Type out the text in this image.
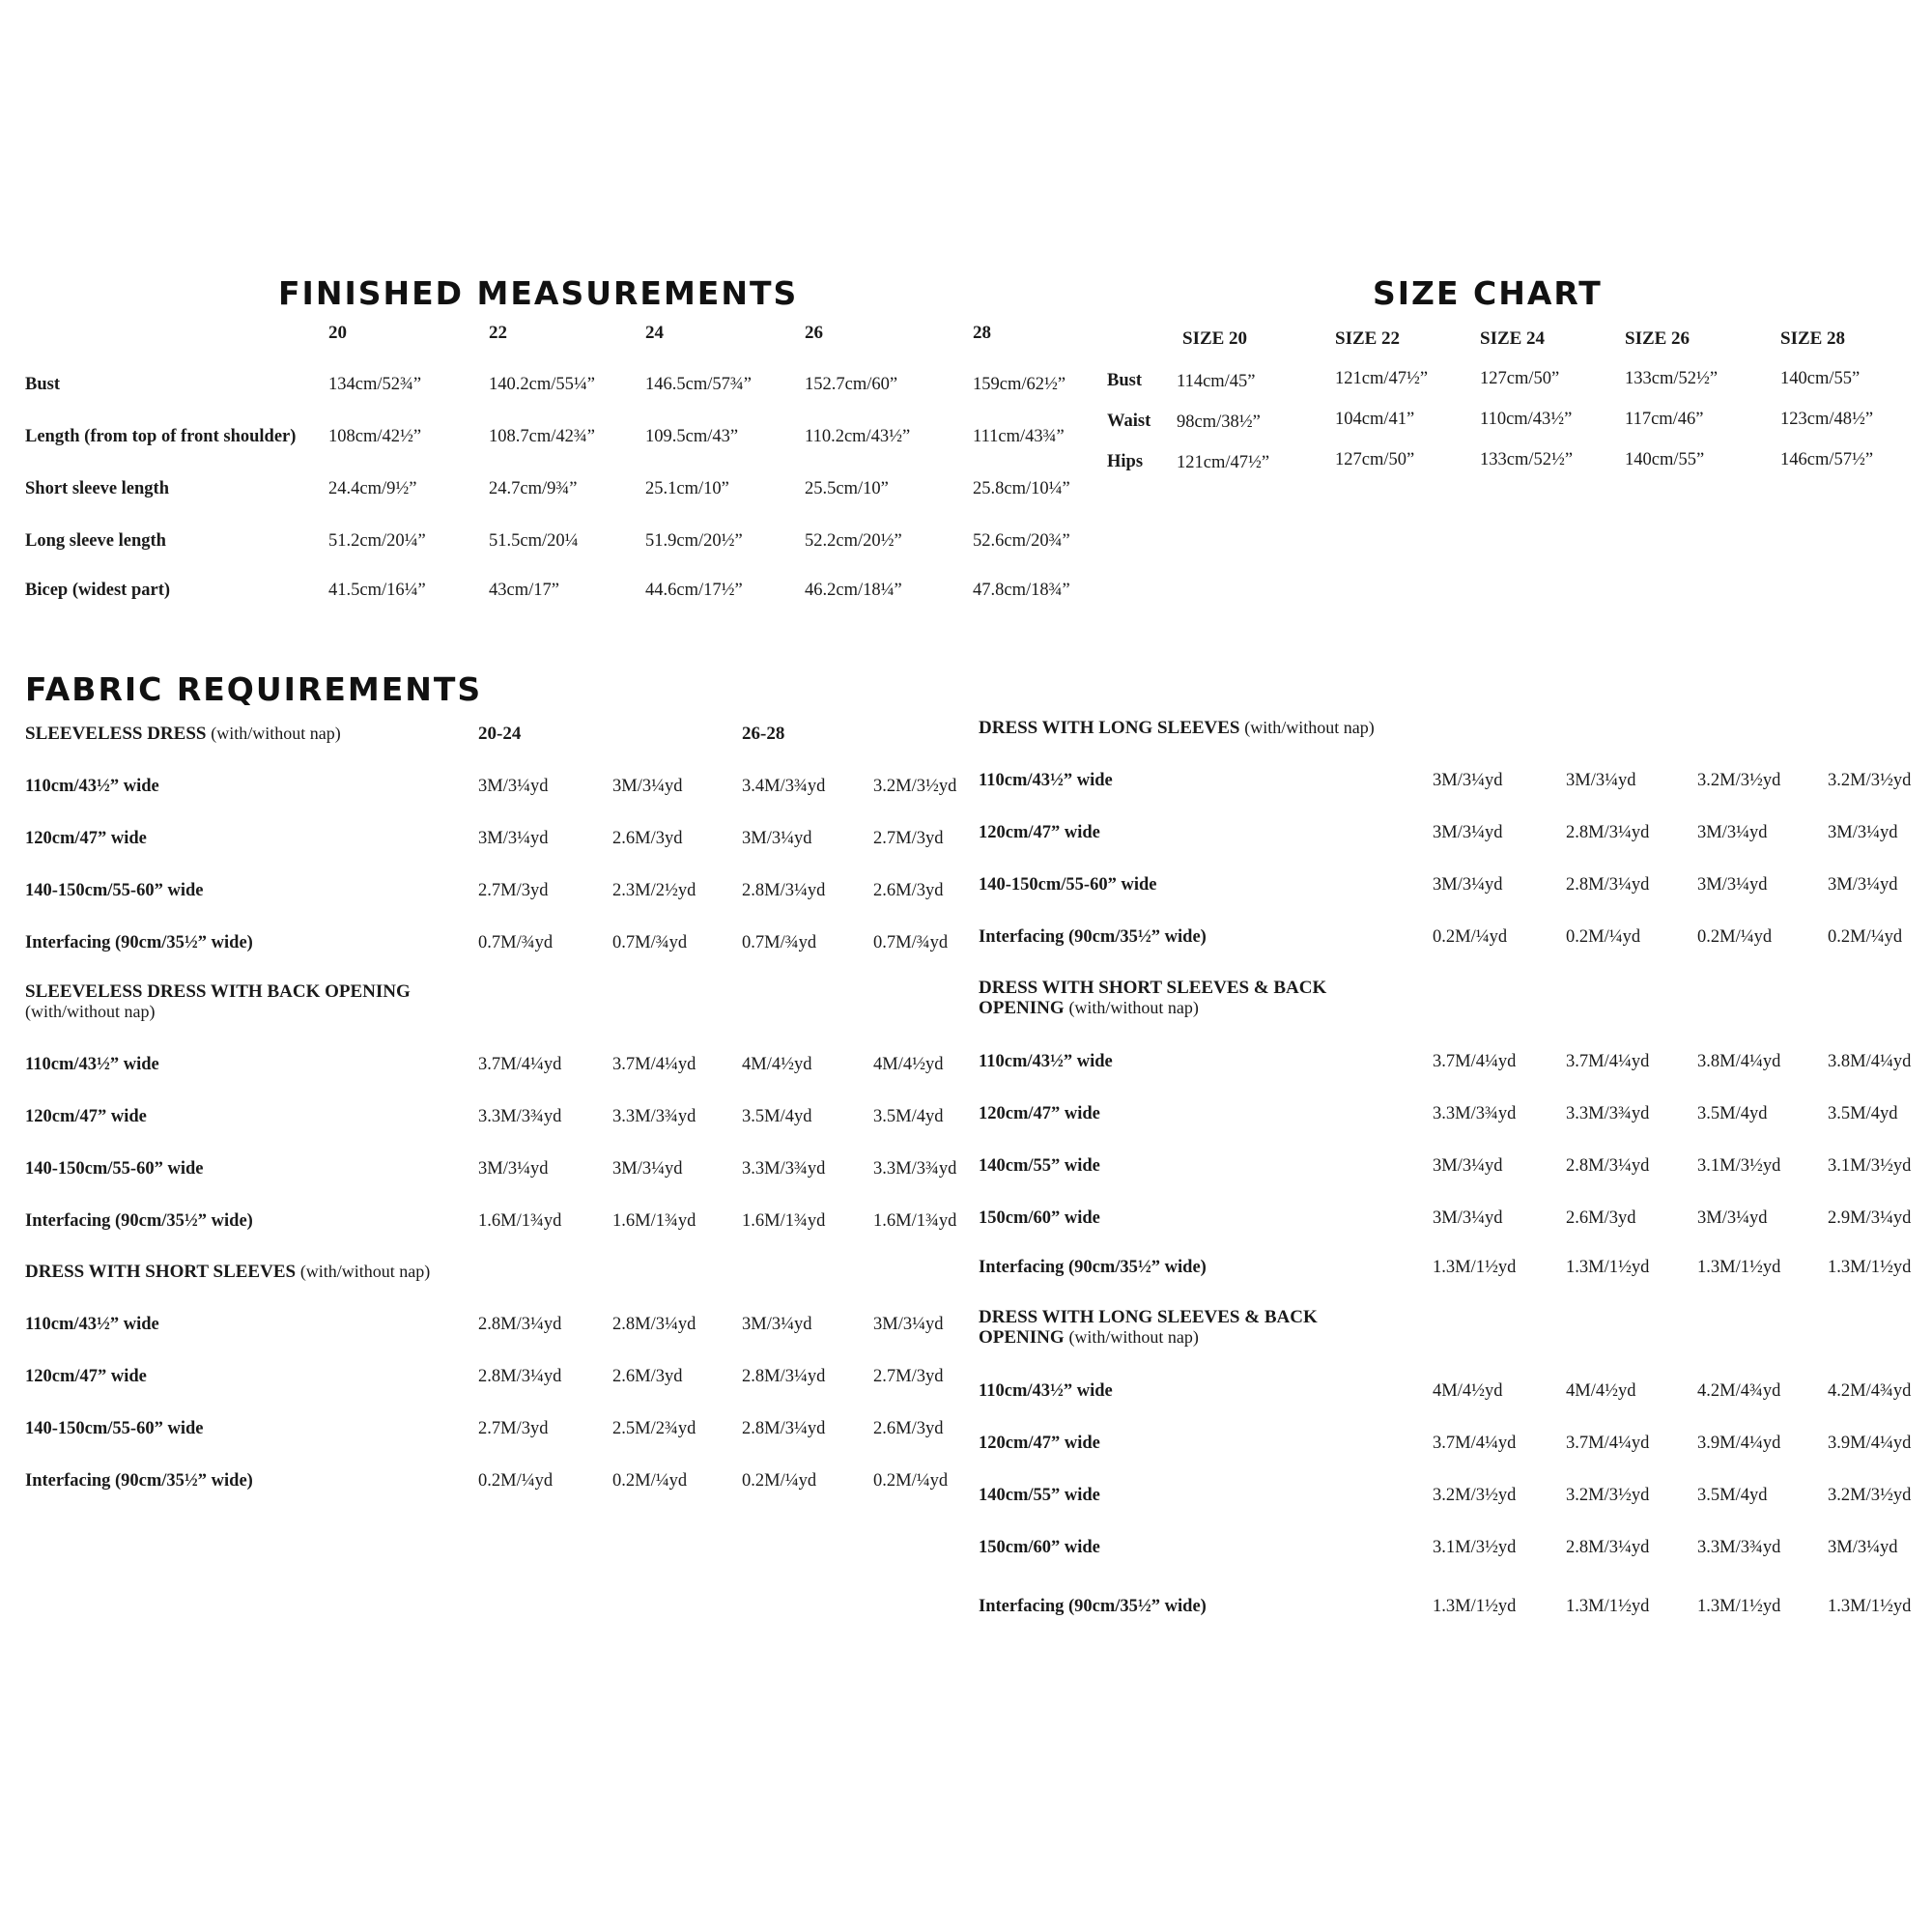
FINISHED MEASUREMENTS
20	22	24	26	28
Bust	134cm/52¾”	140.2cm/55¼”	146.5cm/57¾”	152.7cm/60”	159cm/62½”
Length (from top of front shoulder) 108cm/42½”	108.7cm/42¾”	109.5cm/43”	110.2cm/43½”	111cm/43¾”
Short sleeve length	24.4cm/9½”	24.7cm/9¾”	25.1cm/10”	25.5cm/10”	25.8cm/10¼”
Long sleeve length	51.2cm/20¼”	51.5cm/20¼	51.9cm/20½”	52.2cm/20½”	52.6cm/20¾”
Bicep (widest part)	41.5cm/16¼”	43cm/17”	44.6cm/17½”	46.2cm/18¼”	47.8cm/18¾”
SIZE CHART
SIZE 20	SIZE 22	SIZE 24	SIZE 26	SIZE 28
Bust 114cm/45”	121cm/47½”	127cm/50”	133cm/52½”	140cm/55”
Waist 98cm/38½”	104cm/41”	110cm/43½”	117cm/46”	123cm/48½”
Hips 121cm/47½”	127cm/50”	133cm/52½”	140cm/55”	146cm/57½”
FABRIC REQUIREMENTS
SLEEVELESS DRESS (with/without nap)	20-24	26-28
110cm/43½” wide	3M/3¼yd	3M/3¼yd	3.4M/3¾yd	3.2M/3½yd
120cm/47” wide	3M/3¼yd	2.6M/3yd	3M/3¼yd	2.7M/3yd
140-150cm/55-60” wide	2.7M/3yd	2.3M/2½yd	2.8M/3¼yd	2.6M/3yd
Interfacing (90cm/35½” wide)	0.7M/¾yd	0.7M/¾yd	0.7M/¾yd	0.7M/¾yd
SLEEVELESS DRESS WITH BACK OPENING
(with/without nap)
110cm/43½” wide	3.7M/4¼yd	3.7M/4¼yd	4M/4½yd	4M/4½yd
120cm/47” wide	3.3M/3¾yd	3.3M/3¾yd	3.5M/4yd	3.5M/4yd
140-150cm/55-60” wide	3M/3¼yd	3M/3¼yd	3.3M/3¾yd	3.3M/3¾yd
Interfacing (90cm/35½” wide)	1.6M/1¾yd	1.6M/1¾yd	1.6M/1¾yd	1.6M/1¾yd
DRESS WITH SHORT SLEEVES (with/without nap)
110cm/43½” wide	2.8M/3¼yd	2.8M/3¼yd	3M/3¼yd	3M/3¼yd
120cm/47” wide	2.8M/3¼yd	2.6M/3yd	2.8M/3¼yd	2.7M/3yd
140-150cm/55-60” wide	2.7M/3yd	2.5M/2¾yd	2.8M/3¼yd	2.6M/3yd
Interfacing (90cm/35½” wide)	0.2M/¼yd	0.2M/¼yd	0.2M/¼yd	0.2M/¼yd
DRESS WITH LONG SLEEVES (with/without nap)
110cm/43½” wide	3M/3¼yd	3M/3¼yd	3.2M/3½yd	3.2M/3½yd
120cm/47” wide	3M/3¼yd	2.8M/3¼yd	3M/3¼yd	3M/3¼yd
140-150cm/55-60” wide	3M/3¼yd	2.8M/3¼yd	3M/3¼yd	3M/3¼yd
Interfacing (90cm/35½” wide)	0.2M/¼yd	0.2M/¼yd	0.2M/¼yd	0.2M/¼yd
DRESS WITH SHORT SLEEVES & BACK
OPENING (with/without nap)
110cm/43½” wide	3.7M/4¼yd	3.7M/4¼yd	3.8M/4¼yd	3.8M/4¼yd
120cm/47” wide	3.3M/3¾yd	3.3M/3¾yd	3.5M/4yd	3.5M/4yd
140cm/55” wide	3M/3¼yd	2.8M/3¼yd	3.1M/3½yd	3.1M/3½yd
150cm/60” wide	3M/3¼yd	2.6M/3yd	3M/3¼yd	2.9M/3¼yd
Interfacing (90cm/35½” wide)	1.3M/1½yd	1.3M/1½yd	1.3M/1½yd	1.3M/1½yd
DRESS WITH LONG SLEEVES & BACK
OPENING (with/without nap)
110cm/43½” wide	4M/4½yd	4M/4½yd	4.2M/4¾yd	4.2M/4¾yd
120cm/47” wide	3.7M/4¼yd	3.7M/4¼yd	3.9M/4¼yd	3.9M/4¼yd
140cm/55” wide	3.2M/3½yd	3.2M/3½yd	3.5M/4yd	3.2M/3½yd
150cm/60” wide	3.1M/3½yd	2.8M/3¼yd	3.3M/3¾yd	3M/3¼yd
Interfacing (90cm/35½” wide)	1.3M/1½yd	1.3M/1½yd	1.3M/1½yd	1.3M/1½yd
